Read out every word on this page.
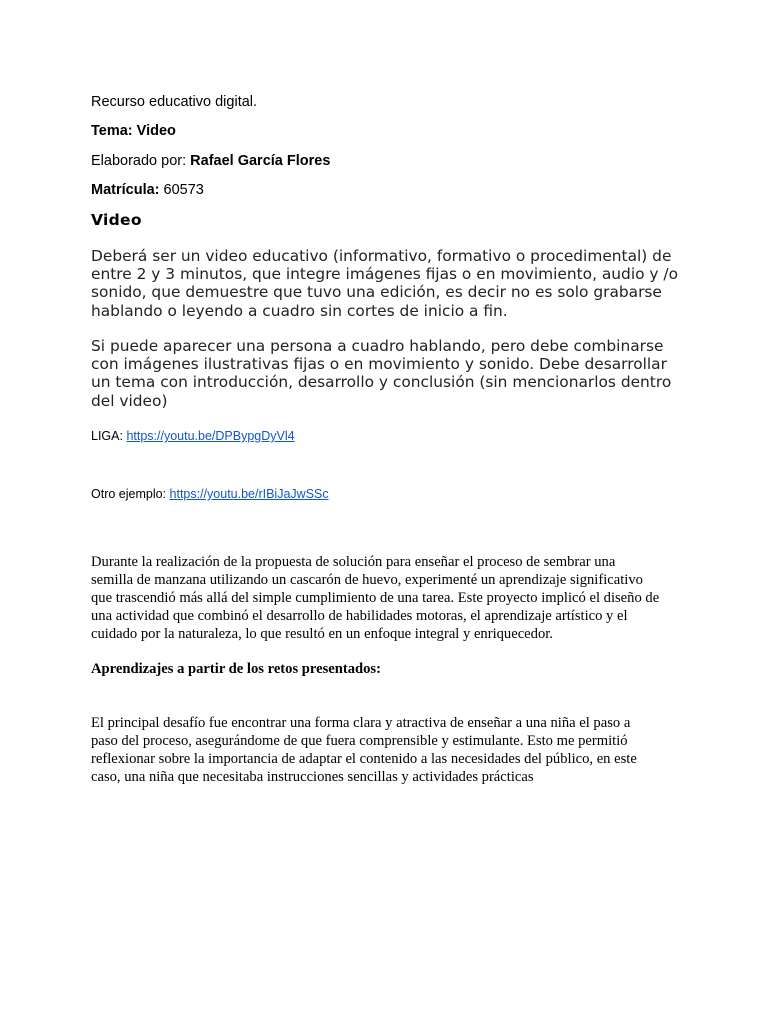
Recurso educativo digital.
Tema: Video
Elaborado por: Rafael García Flores
Matrícula: 60573
Video
Deberá ser un video educativo (informativo, formativo o procedimental) de
entre 2 y 3 minutos, que integre imágenes fijas o en movimiento, audio y /o
sonido, que demuestre que tuvo una edición, es decir no es solo grabarse
hablando o leyendo a cuadro sin cortes de inicio a fin.
Si puede aparecer una persona a cuadro hablando, pero debe combinarse
con imágenes ilustrativas fijas o en movimiento y sonido. Debe desarrollar
un tema con introducción, desarrollo y conclusión (sin mencionarlos dentro
del video)
LIGA: https://youtu.be/DPBypgDyVl4
Otro ejemplo: https://youtu.be/rIBiJaJwSSc
Durante la realización de la propuesta de solución para enseñar el proceso de sembrar una
semilla de manzana utilizando un cascarón de huevo, experimenté un aprendizaje significativo
que trascendió más allá del simple cumplimiento de una tarea. Este proyecto implicó el diseño de
una actividad que combinó el desarrollo de habilidades motoras, el aprendizaje artístico y el
cuidado por la naturaleza, lo que resultó en un enfoque integral y enriquecedor.
Aprendizajes a partir de los retos presentados:
El principal desafío fue encontrar una forma clara y atractiva de enseñar a una niña el paso a
paso del proceso, asegurándome de que fuera comprensible y estimulante. Esto me permitió
reflexionar sobre la importancia de adaptar el contenido a las necesidades del público, en este
caso, una niña que necesitaba instrucciones sencillas y actividades prácticas
